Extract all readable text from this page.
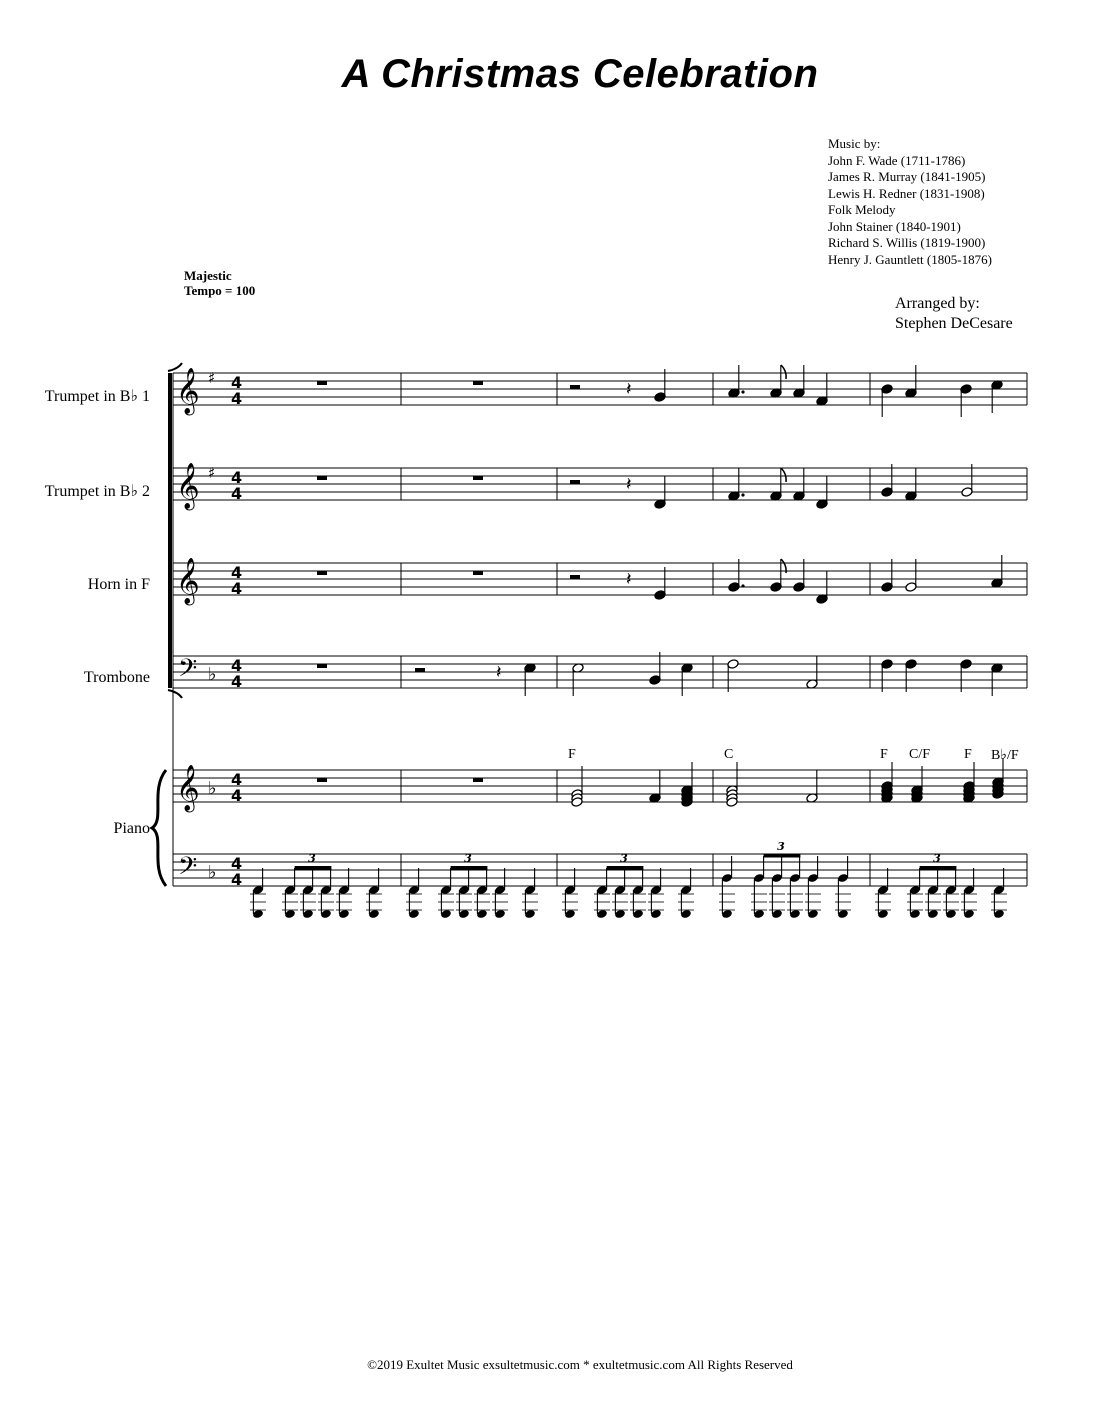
A Christmas Celebration
Music by:
John F. Wade (1711-1786)
James R. Murray (1841-1905)
Lewis H. Redner (1831-1908)
Folk Melody
John Stainer (1840-1901)
Richard S. Willis (1819-1900)
Henry J. Gauntlett (1805-1876)
Arranged by:
Stephen DeCesare
Majestic
Tempo = 100
Trumpet in B♭ 1
Trumpet in B♭ 2
Horn in F
Trombone
Piano
F	C	F C/F F B♭/F
𝄞 ♯ 4
4
𝄞 ♯ 4
4
𝄞 4
4
𝄢 ♭ 4
4
𝄞 ♭ 4
4
𝄢 ♭ 4
4
𝄽
𝄽
𝄽
𝄽
3	3	3
3
3
©2019 Exultet Music exsultetmusic.com * exultetmusic.com All Rights Reserved
